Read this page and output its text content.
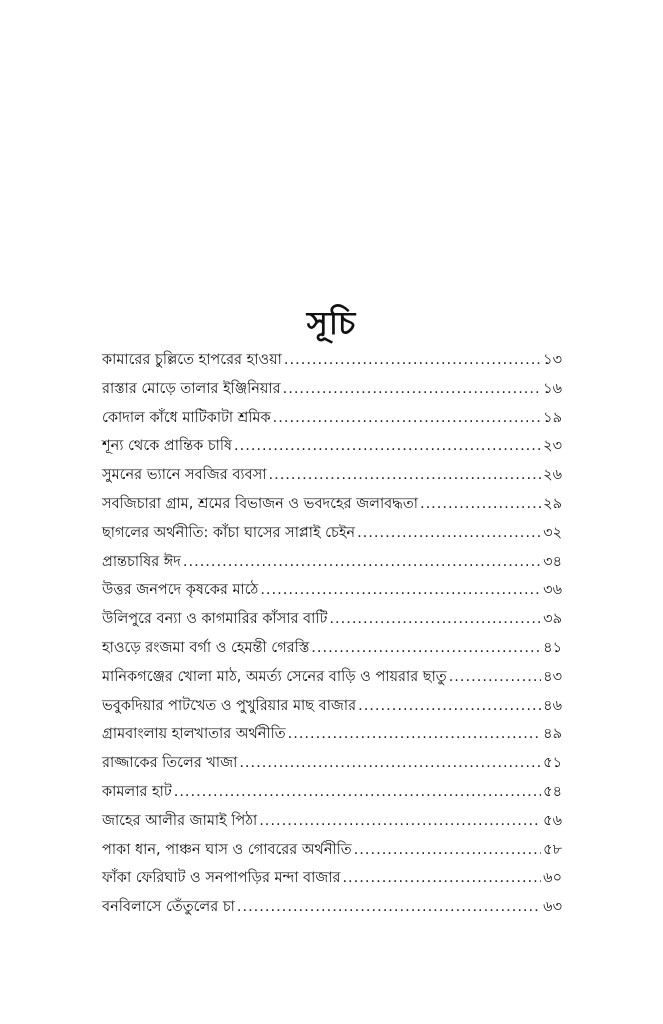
সূচি
কামারের চুল্লিতে হাপরের হাওয়া .....	১৩
রাস্তার মোড়ে তালার ইঞ্জিনিয়ার .....	১৬
কোদাল কাঁধে মাটিকাটা শ্রমিক .....	১৯
শূন্য থেকে প্রান্তিক চাষি .....	২৩
সুমনের ভ্যানে সবজির ব্যবসা .....	২৬
সবজিচারা গ্রাম, শ্রমের বিভাজন ও ভবদহের জলাবদ্ধতা .....	২৯
ছাগলের অর্থনীতি: কাঁচা ঘাসের সাপ্লাই চেইন .....	৩২
প্রান্তচাষির ঈদ .....	৩৪
উত্তর জনপদে কৃষকের মাঠে .....	৩৬
উলিপুরে বন্যা ও কাগমারির কাঁসার বাটি .....	৩৯
হাওড়ে রংজমা বর্গা ও হেমন্তী গেরস্তি .....	৪১
মানিকগঞ্জের খোলা মাঠ, অমর্ত্য সেনের বাড়ি ও পায়রার ছাতু .....	৪৩
ভবুকদিয়ার পাটখেত ও পুখুরিয়ার মাছ বাজার .....	৪৬
গ্রামবাংলায় হালখাতার অর্থনীতি .....	৪৯
রাজ্জাকের তিলের খাজা .....	৫১
কামলার হাট .....	৫৪
জাহের আলীর জামাই পিঠা .....	৫৬
পাকা ধান, পাঞ্চন ঘাস ও গোবরের অর্থনীতি .....	৫৮
ফাঁকা ফেরিঘাট ও সনপাপড়ির মন্দা বাজার .....	৬০
বনবিলাসে তেঁতুলের চা .....	৬৩
